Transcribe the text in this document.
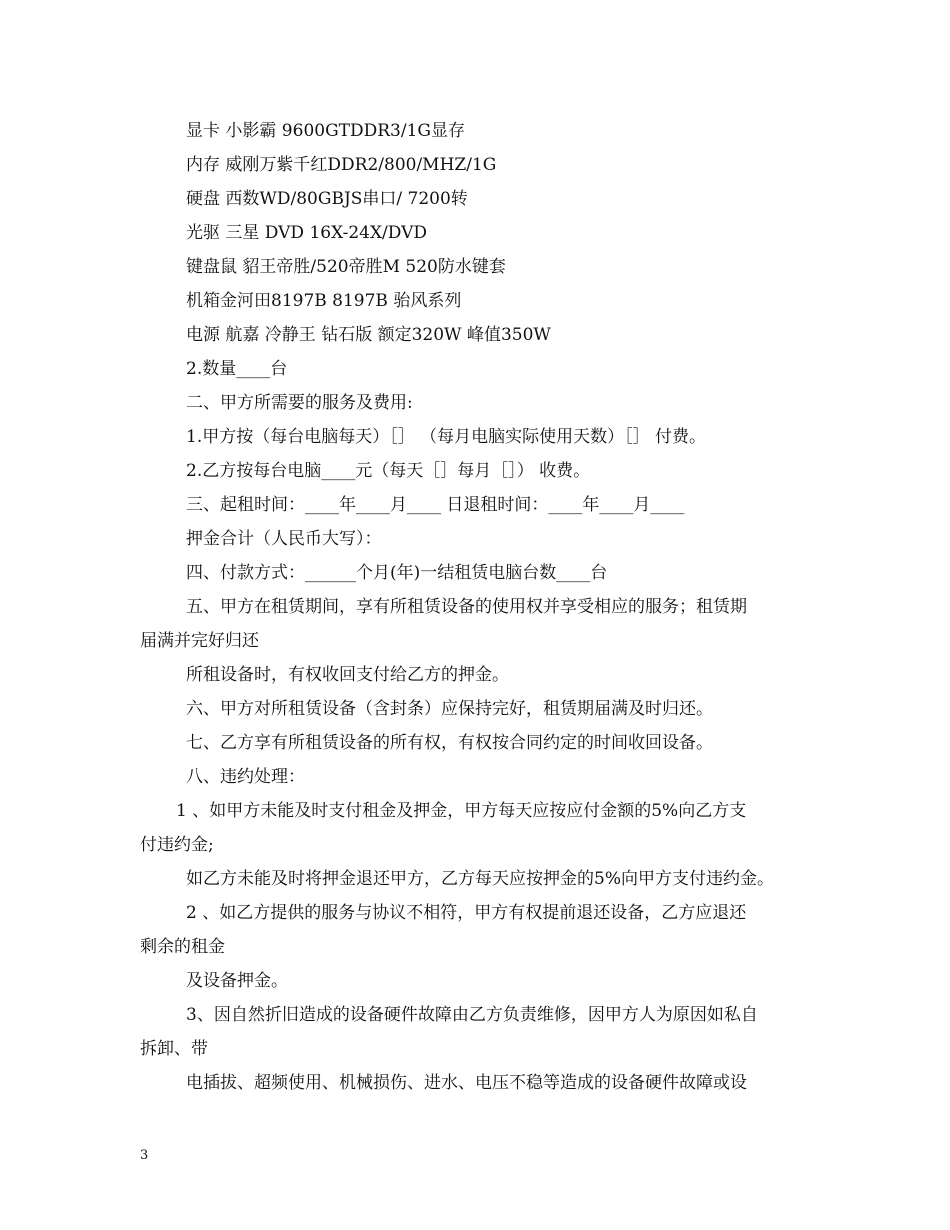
显卡 小影霸 9600GTDDR3/1G显存
内存 威刚万紫千红DDR2/800/MHZ/1G
硬盘 西数WD/80GBJS串口/ 7200转
光驱 三星 DVD 16X-24X/DVD
键盘鼠 貂王帝胜/520帝胜M 520防水键套
机箱金河田8197B 8197B 骀风系列
电源 航嘉 冷静王 钻石版 额定320W 峰值350W
2.数量____台
二、甲方所需要的服务及费用:
1.甲方按（每台电脑每天）［］ （每月电脑实际使用天数）［］ 付费。
2.乙方按每台电脑____元（每天［］每月［］） 收费。
三、起租时间：____年____月____ 日退租时间：____年____月____
押金合计（人民币大写）：
四、付款方式：______个月(年)一结租赁电脑台数____台
五、甲方在租赁期间，享有所租赁设备的使用权并享受相应的服务；租赁期
届满并完好归还
所租设备时，有权收回支付给乙方的押金。
六、甲方对所租赁设备（含封条）应保持完好，租赁期届满及时归还。
七、乙方享有所租赁设备的所有权，有权按合同约定的时间收回设备。
八、违约处理：
1 、如甲方未能及时支付租金及押金，甲方每天应按应付金额的5%向乙方支
付违约金;
如乙方未能及时将押金退还甲方，乙方每天应按押金的5%向甲方支付违约金。
2 、如乙方提供的服务与协议不相符，甲方有权提前退还设备，乙方应退还
剩余的租金
及设备押金。
3、因自然折旧造成的设备硬件故障由乙方负责维修，因甲方人为原因如私自
拆卸、带
电插拔、超频使用、机械损伤、进水、电压不稳等造成的设备硬件故障或设
3
